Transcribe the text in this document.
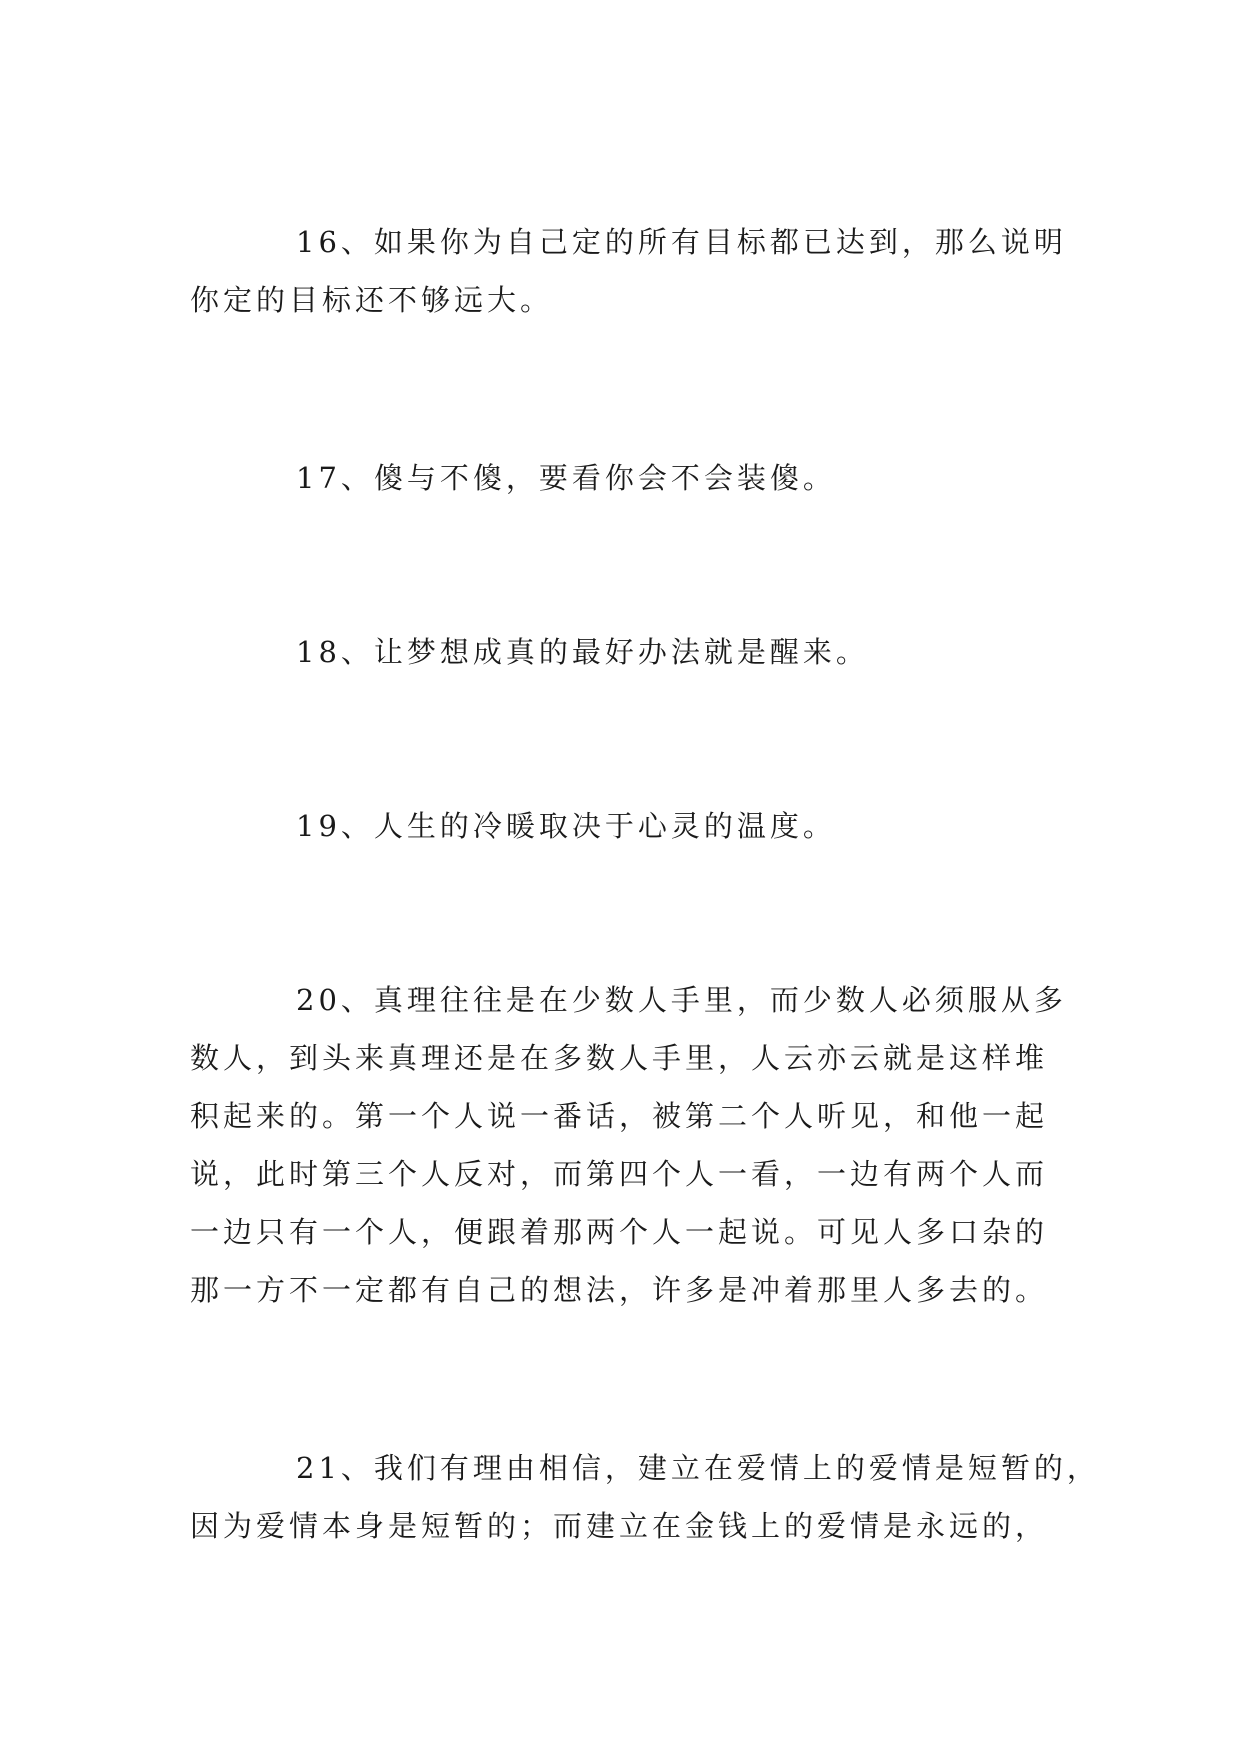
16、如果你为自己定的所有目标都已达到，那么说明
你定的目标还不够远大。
17、傻与不傻，要看你会不会装傻。
18、让梦想成真的最好办法就是醒来。
19、人生的冷暖取决于心灵的温度。
20、真理往往是在少数人手里，而少数人必须服从多
数人，到头来真理还是在多数人手里，人云亦云就是这样堆
积起来的。第一个人说一番话，被第二个人听见，和他一起
说，此时第三个人反对，而第四个人一看，一边有两个人而
一边只有一个人，便跟着那两个人一起说。可见人多口杂的
那一方不一定都有自己的想法，许多是冲着那里人多去的。
21、我们有理由相信，建立在爱情上的爱情是短暂的，
因为爱情本身是短暂的；而建立在金钱上的爱情是永远的，
